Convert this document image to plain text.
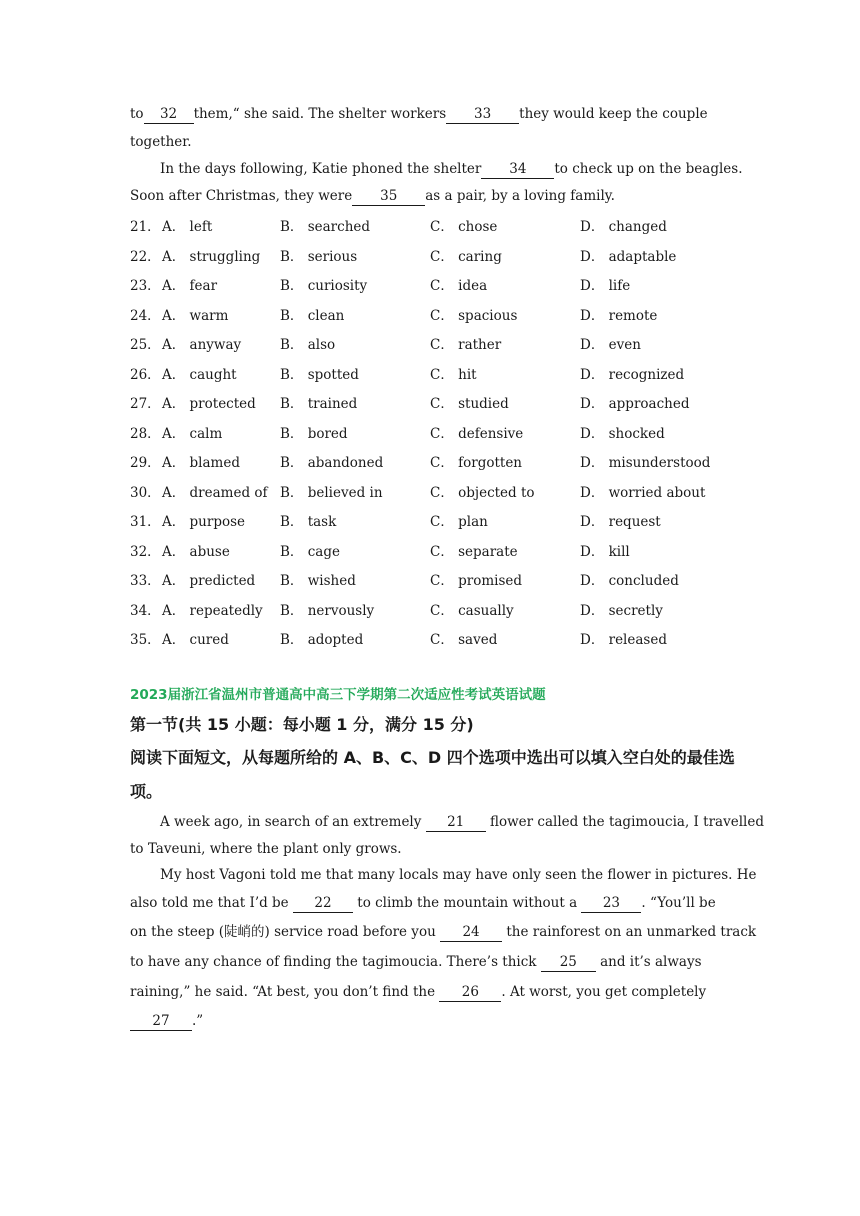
to 32 them,“ she said. The shelter workers 33 they would keep the couple
together.
In the days following, Katie phoned the shelter 34 to check up on the beagles.
Soon after Christmas, they were 35 as a pair, by a loving family.
21． A． left	B． searched	C． chose	D． changed
22． A． struggling B． serious	C． caring	D． adaptable
23． A． fear	B． curiosity	C． idea	D． life
24． A． warm	B． clean	C． spacious	D． remote
25． A． anyway	B． also	C． rather	D． even
26． A． caught	B． spotted	C． hit	D． recognized
27． A． protected B． trained	C． studied	D． approached
28． A． calm	B． bored	C． defensive	D． shocked
29． A． blamed	B． abandoned	C． forgotten	D． misunderstood
30． A． dreamed of B． believed in	C． objected to	D． worried about
31． A． purpose	B． task	C． plan	D． request
32． A． abuse	B． cage	C． separate	D． kill
33． A． predicted B． wished	C． promised	D． concluded
34． A． repeatedly B． nervously	C． casually	D． secretly
35． A． cured	B． adopted	C． saved	D． released
2023届浙江省温州市普通高中高三下学期第二次适应性考试英语试题
第一节(共 15 小题：每小题 1 分，满分 15 分)
阅读下面短文，从每题所给的 A、B、C、D 四个选项中选出可以填入空白处的最佳选项。
A week ago, in search of an extremely 21 flower called the tagimoucia, I travelled
to Taveuni, where the plant only grows.
My host Vagoni told me that many locals may have only seen the flower in pictures. He
also told me that I’d be 22 to climb the mountain without a 23 . “You’ll be
on the steep (陡峭的) service road before you 24 the rainforest on an unmarked track
to have any chance of finding the tagimoucia. There’s thick 25 and it’s always
raining,” he said. “At best, you don’t find the 26 . At worst, you get completely
27 .”
